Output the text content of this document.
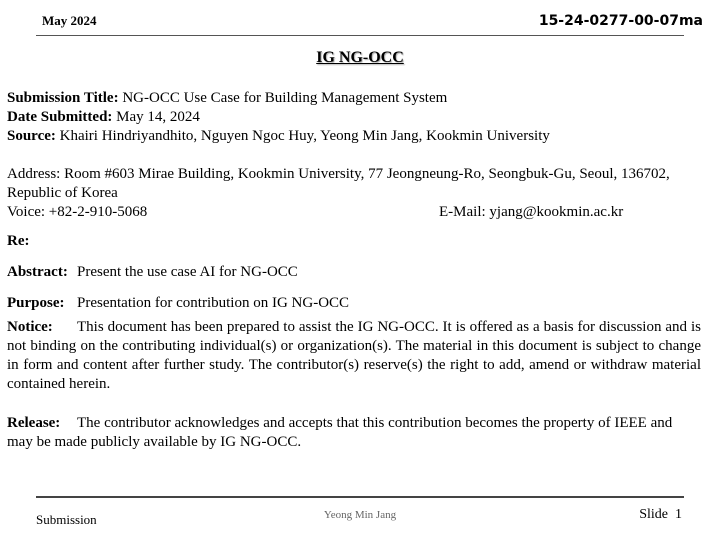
May 2024	15-24-0277-00-07ma
IG NG-OCC
Submission Title: NG-OCC Use Case for Building Management System
Date Submitted: May 14, 2024
Source: Khairi Hindriyandhito, Nguyen Ngoc Huy, Yeong Min Jang, Kookmin University
Address: Room #603 Mirae Building, Kookmin University, 77 Jeongneung-Ro, Seongbuk-Gu, Seoul, 136702, Republic of Korea
Voice: +82-2-910-5068	E-Mail: yjang@kookmin.ac.kr
Re:
Abstract: Present the use case AI for NG-OCC
Purpose: Presentation for contribution on IG NG-OCC
Notice: This document has been prepared to assist the IG NG-OCC. It is offered as a basis for discussion and is not binding on the contributing individual(s) or organization(s). The material in this document is subject to change in form and content after further study. The contributor(s) reserve(s) the right to add, amend or withdraw material contained herein.
Release: The contributor acknowledges and accepts that this contribution becomes the property of IEEE and may be made publicly available by IG NG-OCC.
Submission	Yeong Min Jang	Slide 1
